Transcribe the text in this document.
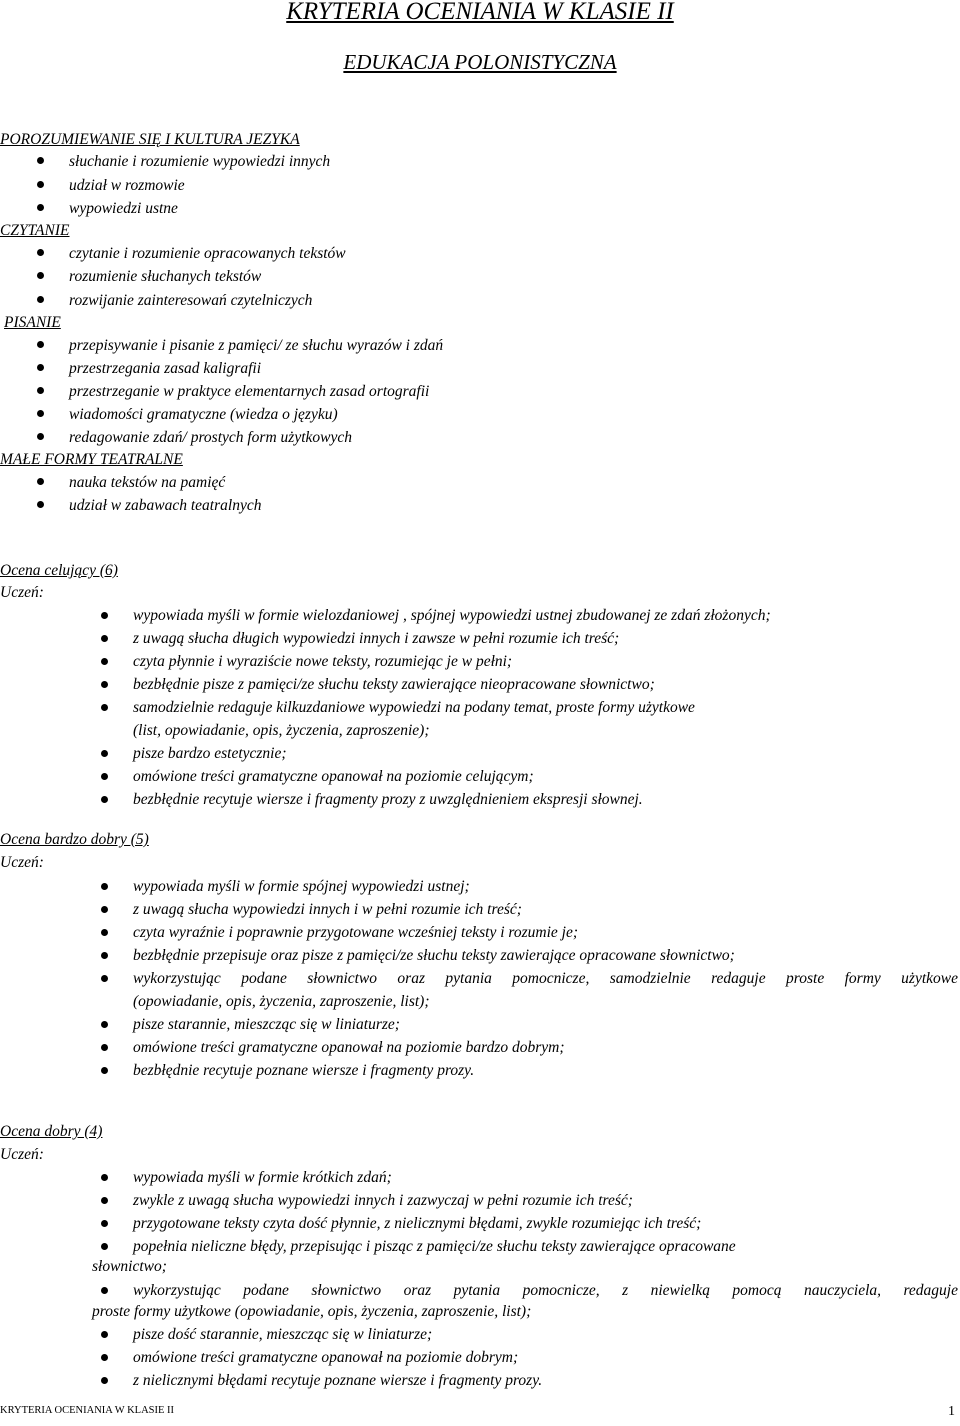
KRYTERIA OCENIANIA W KLASIE II
EDUKACJA POLONISTYCZNA
POROZUMIEWANIE SIĘ I KULTURA JEZYKA
słuchanie i rozumienie wypowiedzi innych
udział w rozmowie
wypowiedzi ustne
CZYTANIE
czytanie i rozumienie opracowanych tekstów
rozumienie słuchanych tekstów
rozwijanie zainteresowań czytelniczych
PISANIE
przepisywanie i pisanie z pamięci/ ze słuchu wyrazów i zdań
przestrzegania zasad kaligrafii
przestrzeganie w praktyce elementarnych zasad ortografii
wiadomości gramatyczne (wiedza o języku)
redagowanie zdań/ prostych form użytkowych
MAŁE FORMY TEATRALNE
nauka tekstów na pamięć
udział w zabawach teatralnych
Ocena celujący (6)
Uczeń:
wypowiada myśli w formie wielozdaniowej , spójnej wypowiedzi ustnej zbudowanej ze zdań złożonych;
z uwagą słucha długich wypowiedzi innych i zawsze w pełni rozumie ich treść;
czyta płynnie i wyraziście nowe teksty, rozumiejąc je w pełni;
bezbłędnie pisze z pamięci/ze słuchu teksty zawierające nieopracowane słownictwo;
samodzielnie redaguje kilkuzdaniowe wypowiedzi na podany temat, proste formy użytkowe
(list, opowiadanie, opis, życzenia, zaproszenie);
pisze bardzo estetycznie;
omówione treści gramatyczne opanował na poziomie celującym;
bezbłędnie recytuje wiersze i fragmenty prozy z uwzględnieniem ekspresji słownej.
Ocena bardzo dobry (5)
Uczeń:
wypowiada myśli w formie spójnej wypowiedzi ustnej;
z uwagą słucha wypowiedzi innych i w pełni rozumie ich treść;
czyta wyraźnie i poprawnie przygotowane wcześniej teksty i rozumie je;
bezbłędnie przepisuje oraz pisze z pamięci/ze słuchu teksty zawierające opracowane słownictwo;
wykorzystując podane słownictwo oraz pytania pomocnicze, samodzielnie redaguje proste formy użytkowe
(opowiadanie, opis, życzenia, zaproszenie, list);
pisze starannie, mieszcząc się w liniaturze;
omówione treści gramatyczne opanował na poziomie bardzo dobrym;
bezbłędnie recytuje poznane wiersze i fragmenty prozy.
Ocena dobry (4)
Uczeń:
wypowiada myśli w formie krótkich zdań;
zwykle z uwagą słucha wypowiedzi innych i zazwyczaj w pełni rozumie ich treść;
przygotowane teksty czyta dość płynnie, z nielicznymi błędami, zwykle rozumiejąc ich treść;
popełnia nieliczne błędy, przepisując i pisząc z pamięci/ze słuchu teksty zawierające opracowane
słownictwo;
wykorzystując podane słownictwo oraz pytania pomocnicze, z niewielką pomocą nauczyciela, redaguje
proste formy użytkowe (opowiadanie, opis, życzenia, zaproszenie, list);
pisze dość starannie, mieszcząc się w liniaturze;
omówione treści gramatyczne opanował na poziomie dobrym;
z nielicznymi błędami recytuje poznane wiersze i fragmenty prozy.
KRYTERIA OCENIANIA W KLASIE II	1
